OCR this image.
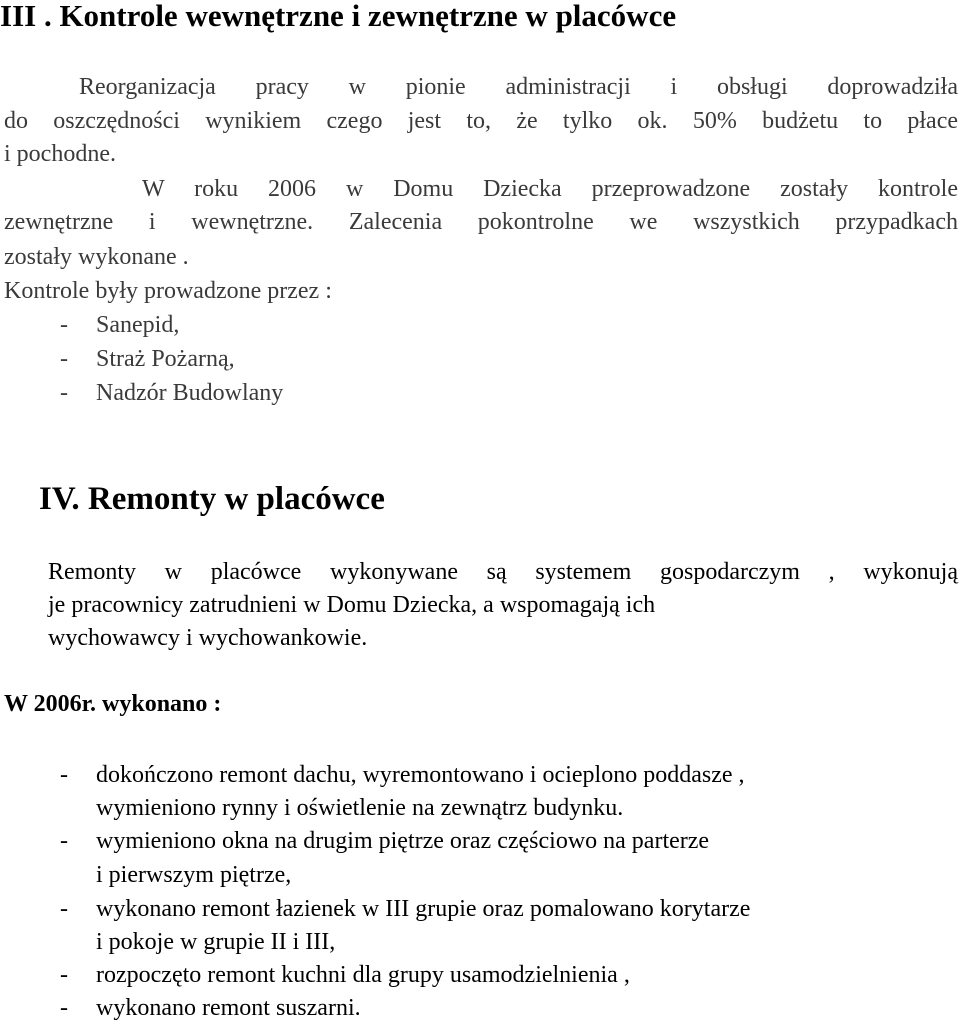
III . Kontrole wewnętrzne i zewnętrzne w placówce
Reorganizacja pracy w pionie administracji i obsługi doprowadziła
do oszczędności wynikiem czego jest to, że tylko ok. 50% budżetu to płace
i pochodne.
W roku 2006 w Domu Dziecka przeprowadzone zostały kontrole
zewnętrzne i wewnętrzne. Zalecenia pokontrolne we wszystkich przypadkach
zostały wykonane .
Kontrole były prowadzone przez :
- Sanepid,
- Straż Pożarną,
- Nadzór Budowlany
IV. Remonty w placówce
Remonty w placówce wykonywane są systemem gospodarczym , wykonują
je pracownicy zatrudnieni w Domu Dziecka, a wspomagają ich
wychowawcy i wychowankowie.
W 2006r. wykonano :
- dokończono remont dachu, wyremontowano i ocieplono poddasze ,
wymieniono rynny i oświetlenie na zewnątrz budynku.
- wymieniono okna na drugim piętrze oraz częściowo na parterze
i pierwszym piętrze,
- wykonano remont łazienek w III grupie oraz pomalowano korytarze
i pokoje w grupie II i III,
- rozpoczęto remont kuchni dla grupy usamodzielnienia ,
- wykonano remont suszarni.
